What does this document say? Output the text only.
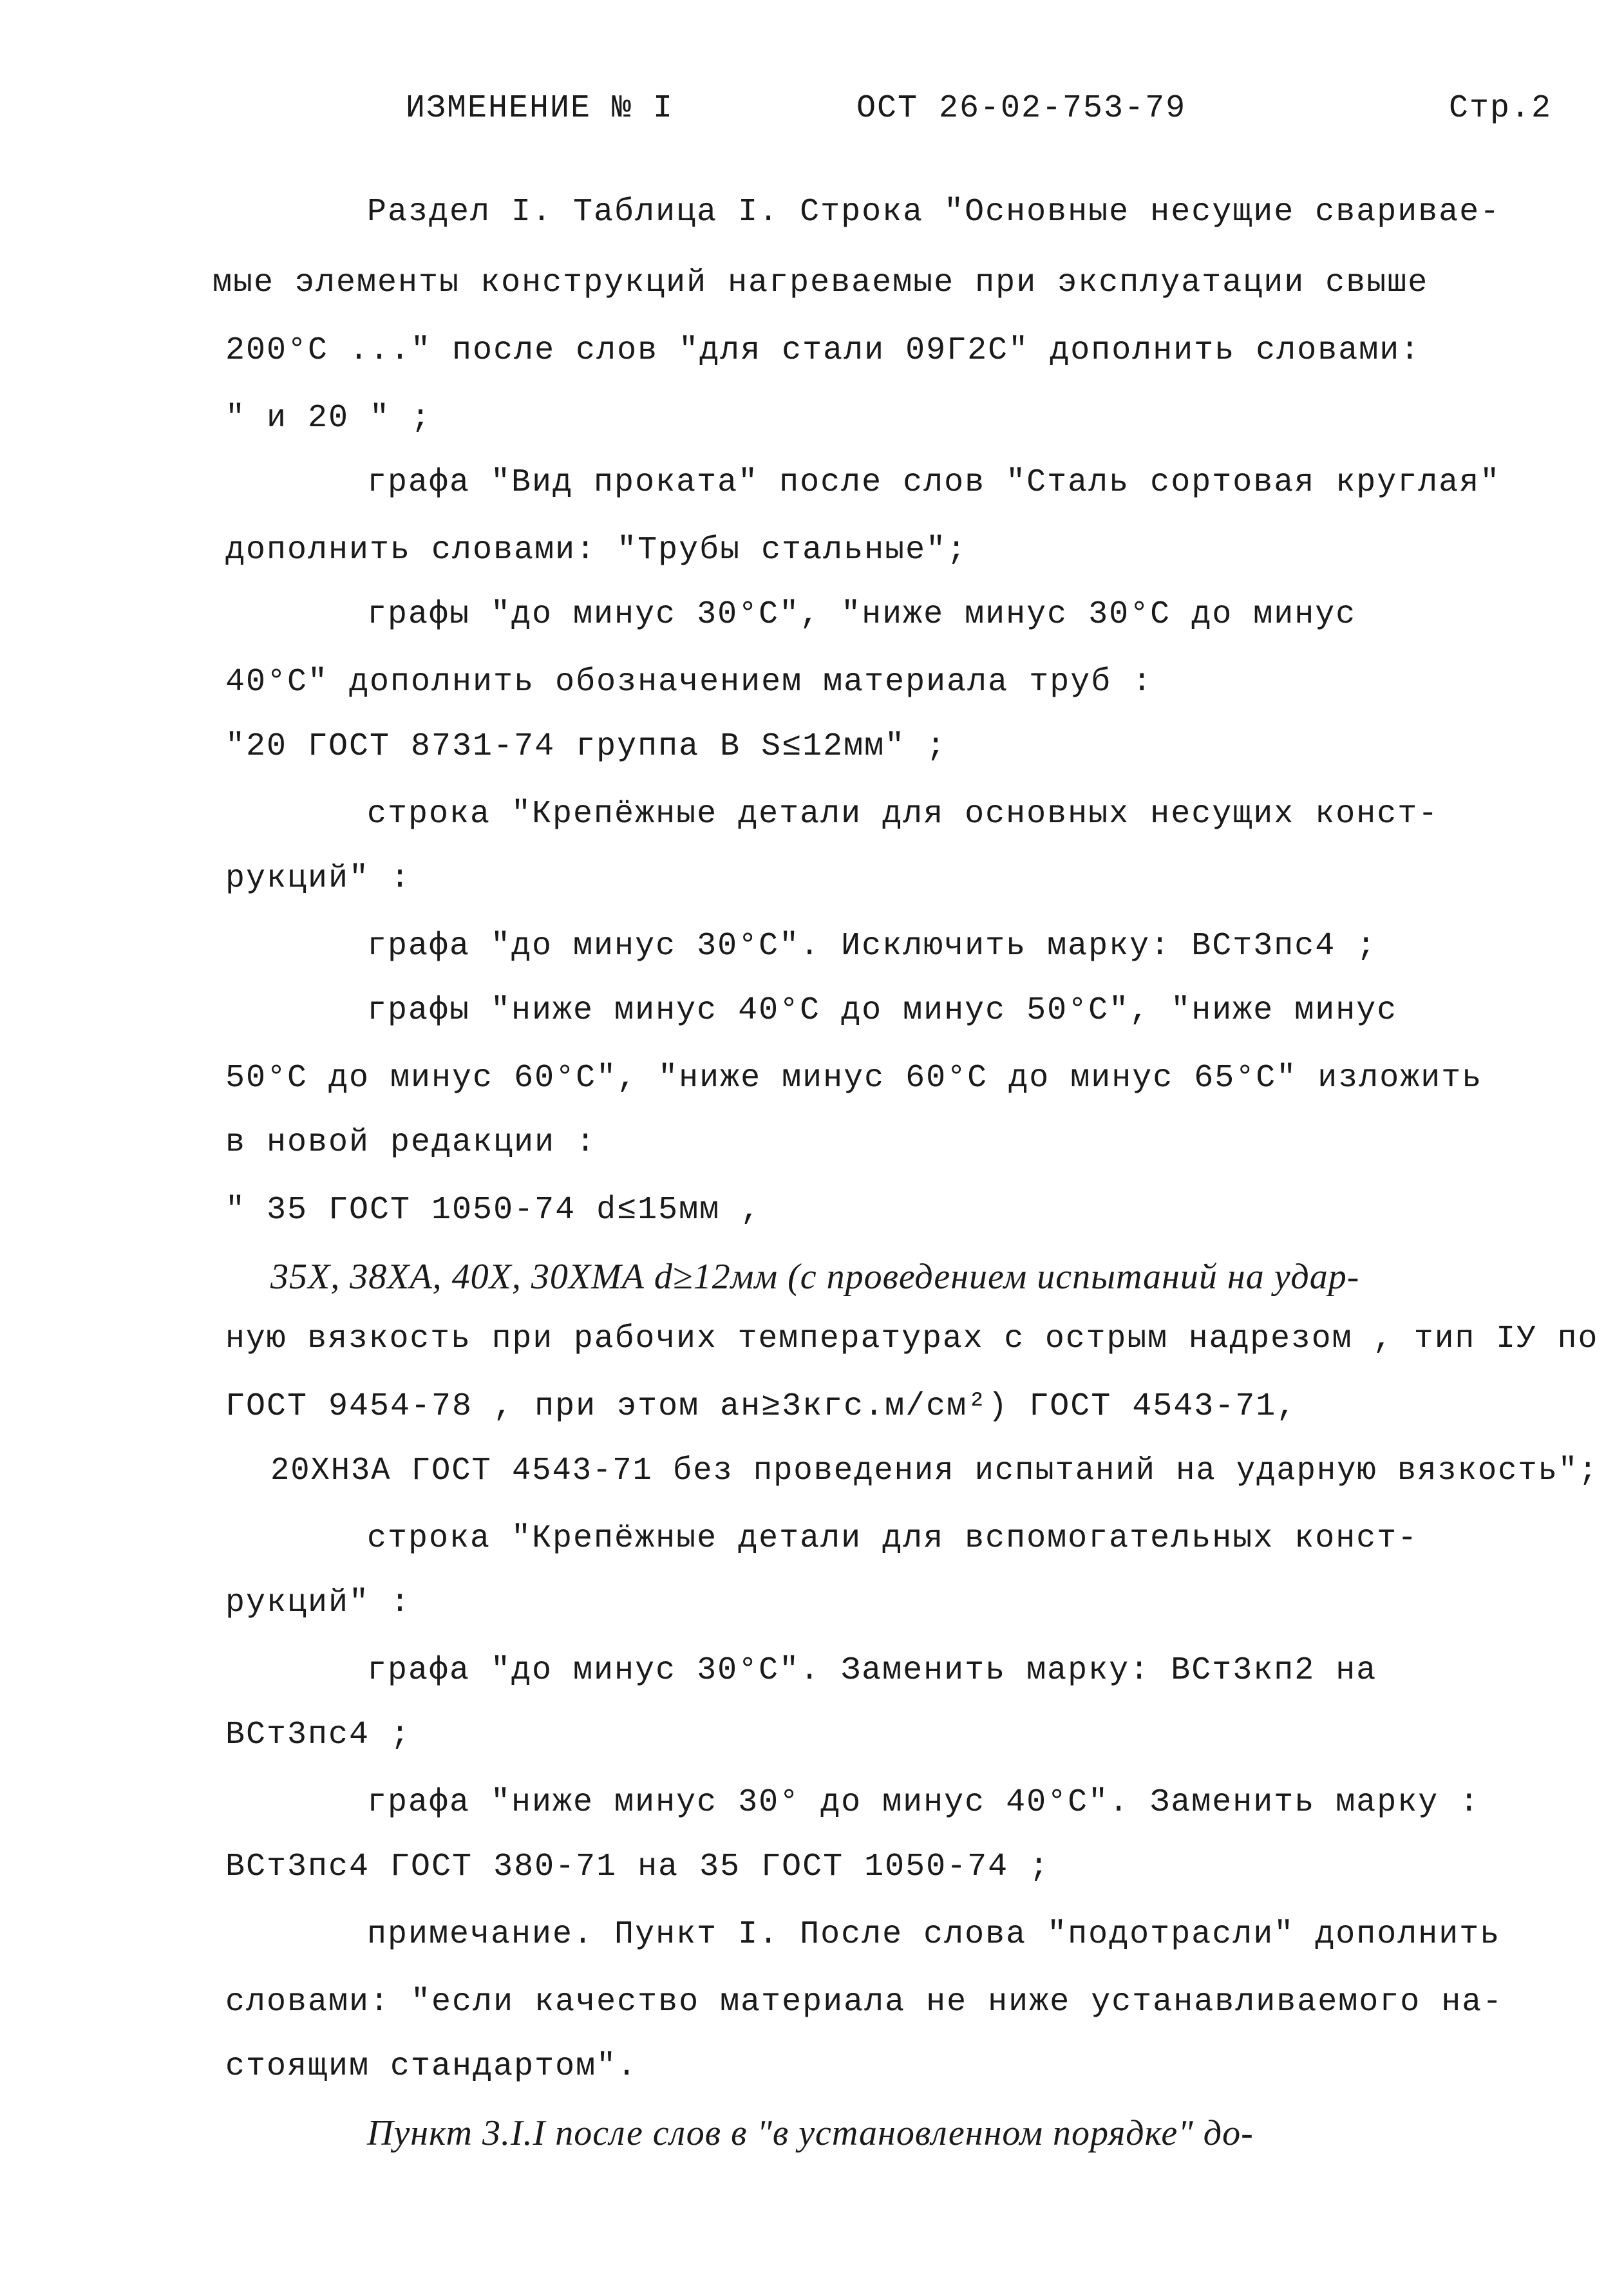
ИЗМЕНЕНИЕ № I	ОСТ 26-02-753-79	Стр.2
Раздел I. Таблица I. Строка "Основные несущие сваривае-
мые элементы конструкций нагреваемые при эксплуатации свыше
200°С ..." после слов "для стали 09Г2С" дополнить словами:
" и 20 " ;
графа "Вид проката" после слов "Сталь сортовая круглая"
дополнить словами: "Трубы стальные";
графы "до минус 30°С", "ниже минус 30°С до минус
40°С" дополнить обозначением материала труб :
"20 ГОСТ 8731-74 группа В S≤12мм" ;
строка "Крепёжные детали для основных несущих конст-
рукций" :
графа "до минус 30°С". Исключить марку: ВСт3пс4 ;
графы "ниже минус 40°С до минус 50°С", "ниже минус
50°С до минус 60°С", "ниже минус 60°С до минус 65°С" изложить
в новой редакции :
" 35 ГОСТ 1050-74 d≤15мм ,
35Х, 38ХА, 40Х, 30ХМА d≥12мм (с проведением испытаний на удар-
ную вязкость при рабочих температурах с острым надрезом , тип IУ по
ГОСТ 9454-78 , при этом aн≥3кгс.м/см²) ГОСТ 4543-71,
20ХН3А ГОСТ 4543-71 без проведения испытаний на ударную вязкость";
строка "Крепёжные детали для вспомогательных конст-
рукций" :
графа "до минус 30°С". Заменить марку: ВСт3кп2 на
ВСт3пс4 ;
графа "ниже минус 30° до минус 40°С". Заменить марку :
ВСт3пс4 ГОСТ 380-71 на 35 ГОСТ 1050-74 ;
примечание. Пункт I. После слова "подотрасли" дополнить
словами: "если качество материала не ниже устанавливаемого на-
стоящим стандартом".
Пункт 3.I.I после слов в "в установленном порядке" до-
